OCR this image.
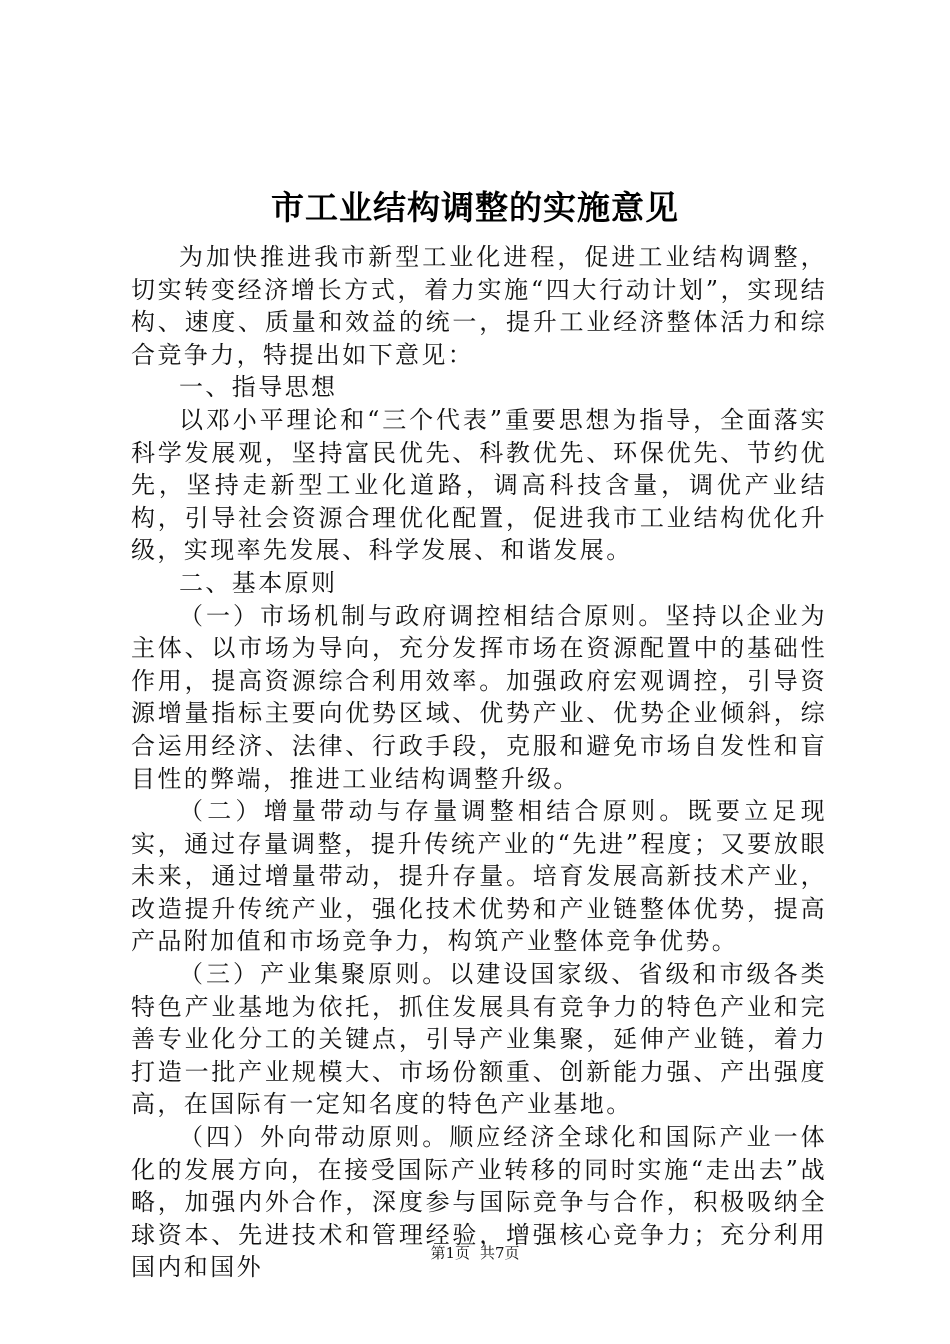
市工业结构调整的实施意见

为加快推进我市新型工业化进程，促进工业结构调整，切实转变经济增长方式，着力实施“四大行动计划”，实现结构、速度、质量和效益的统一，提升工业经济整体活力和综合竞争力，特提出如下意见：

一、指导思想

以邓小平理论和“三个代表”重要思想为指导，全面落实科学发展观，坚持富民优先、科教优先、环保优先、节约优先，坚持走新型工业化道路，调高科技含量，调优产业结构，引导社会资源合理优化配置，促进我市工业结构优化升级，实现率先发展、科学发展、和谐发展。

二、基本原则

（一）市场机制与政府调控相结合原则。坚持以企业为主体、以市场为导向，充分发挥市场在资源配置中的基础性作用，提高资源综合利用效率。加强政府宏观调控，引导资源增量指标主要向优势区域、优势产业、优势企业倾斜，综合运用经济、法律、行政手段，克服和避免市场自发性和盲目性的弊端，推进工业结构调整升级。

（二）增量带动与存量调整相结合原则。既要立足现实，通过存量调整，提升传统产业的“先进”程度；又要放眼未来，通过增量带动，提升存量。培育发展高新技术产业，改造提升传统产业，强化技术优势和产业链整体优势，提高产品附加值和市场竞争力，构筑产业整体竞争优势。

（三）产业集聚原则。以建设国家级、省级和市级各类特色产业基地为依托，抓住发展具有竞争力的特色产业和完善专业化分工的关键点，引导产业集聚，延伸产业链，着力打造一批产业规模大、市场份额重、创新能力强、产出强度高，在国际有一定知名度的特色产业基地。

（四）外向带动原则。顺应经济全球化和国际产业一体化的发展方向，在接受国际产业转移的同时实施“走出去”战略，加强内外合作，深度参与国际竞争与合作，积极吸纳全球资本、先进技术和管理经验，增强核心竞争力；充分利用国内和国外

第1页 共7页
